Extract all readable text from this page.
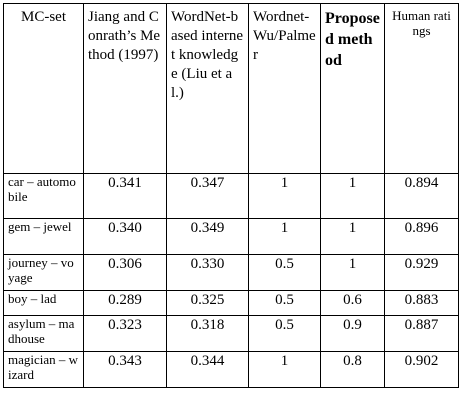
MC-set	Jiang and Conrath’s Method (1997)	WordNet-based internet knowledge (Liu et al.)	Wordnet-Wu/Palmer	Proposed method	Human ratings
car – automobile	0.341	0.347	1	1	0.894
gem – jewel	0.340	0.349	1	1	0.896
journey – voyage	0.306	0.330	0.5	1	0.929
boy – lad	0.289	0.325	0.5	0.6	0.883
asylum – madhouse	0.323	0.318	0.5	0.9	0.887
magician – wizard	0.343	0.344	1	0.8	0.902
